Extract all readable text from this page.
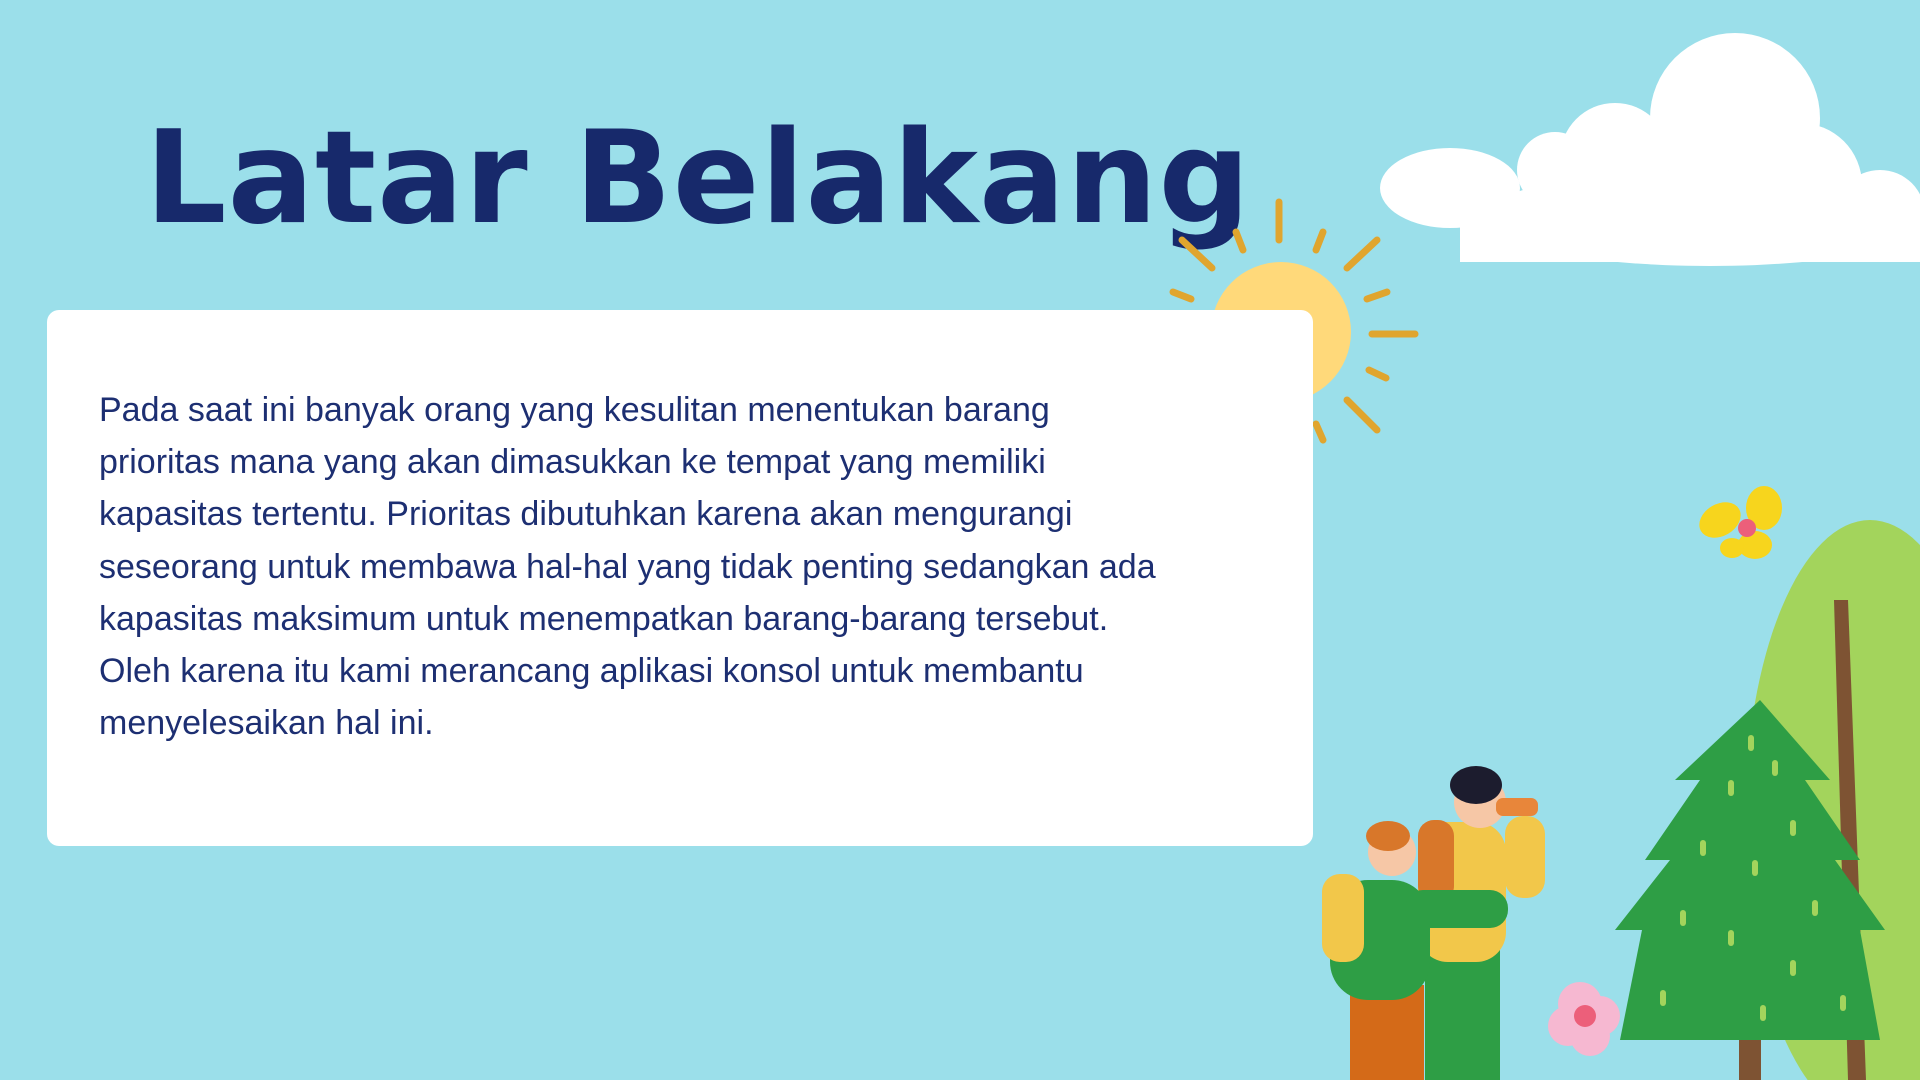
Latar Belakang

Pada saat ini banyak orang yang kesulitan menentukan barang prioritas mana yang akan dimasukkan ke tempat yang memiliki kapasitas tertentu. Prioritas dibutuhkan karena akan mengurangi seseorang untuk membawa hal-hal yang tidak penting sedangkan ada kapasitas maksimum untuk menempatkan barang-barang tersebut. Oleh karena itu kami merancang aplikasi konsol untuk membantu menyelesaikan hal ini.
